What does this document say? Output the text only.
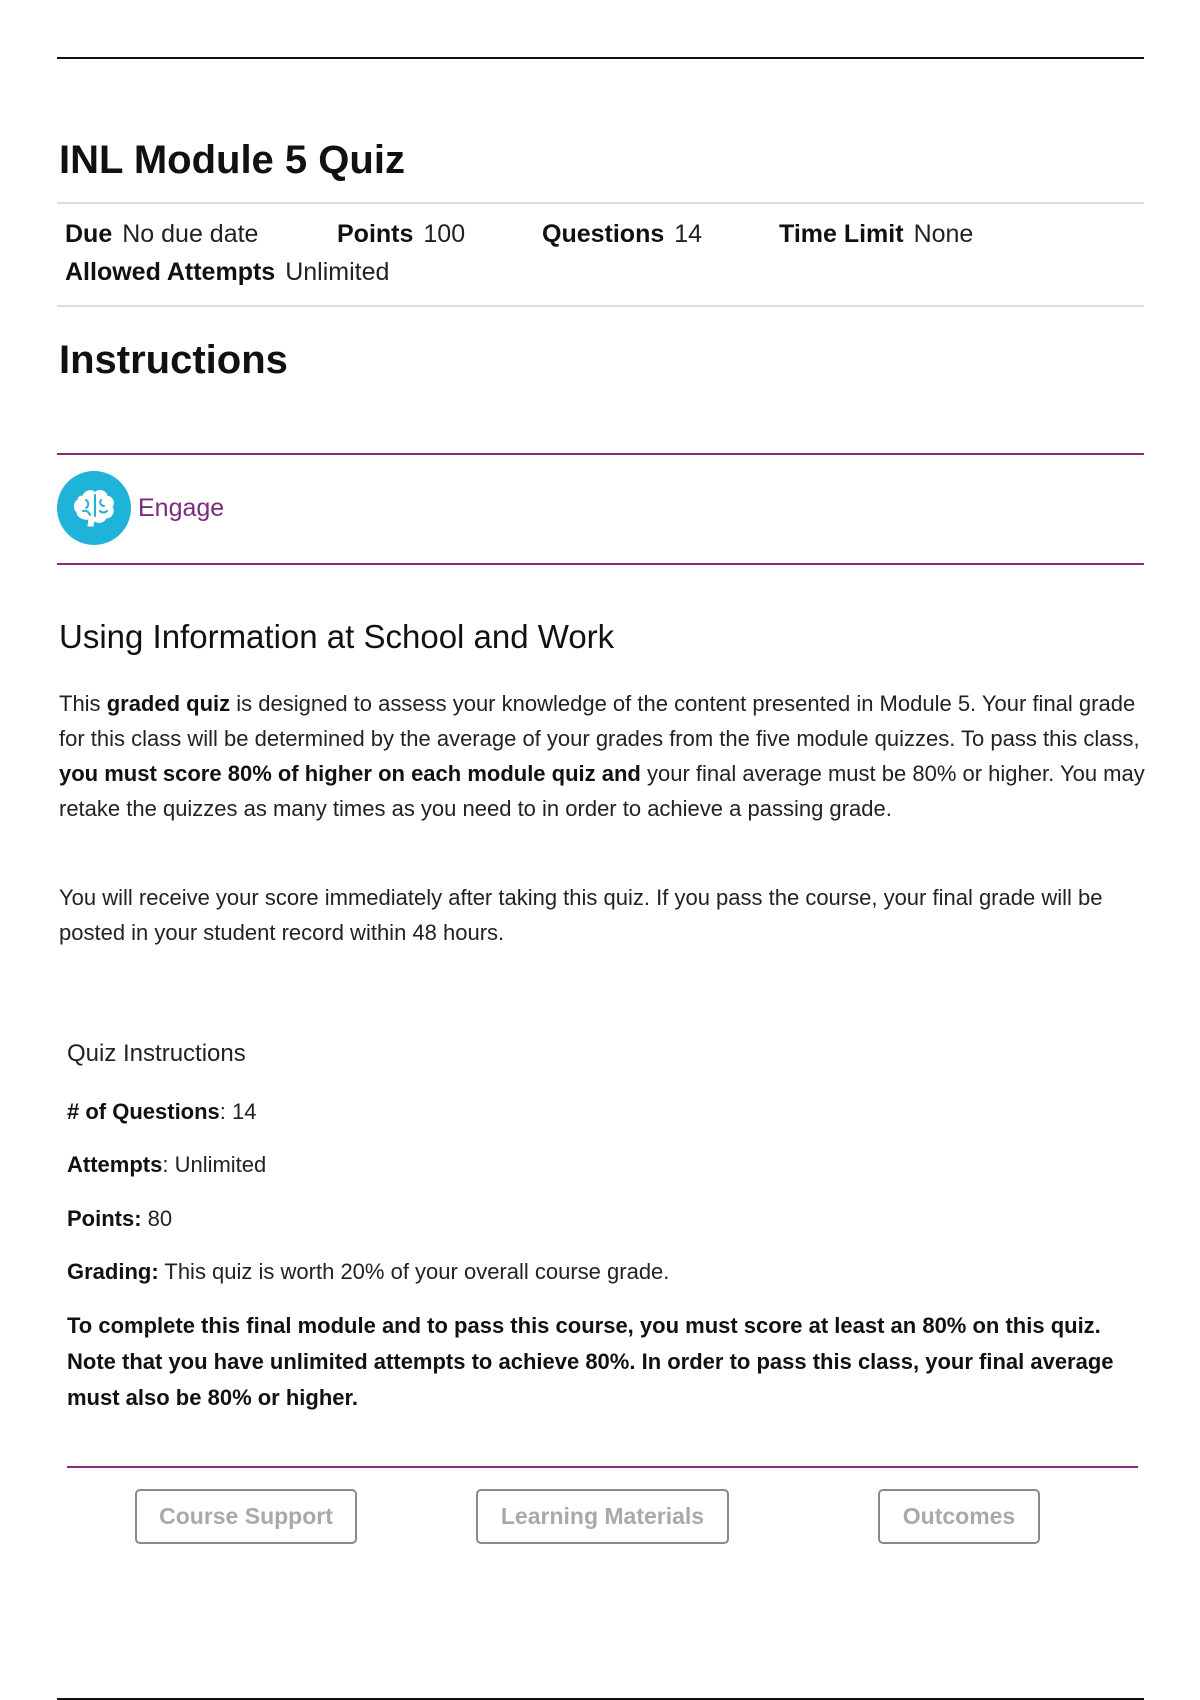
INL Module 5 Quiz
Due No due date	Points 100	Questions 14	Time Limit None
Allowed Attempts Unlimited
Instructions
Engage
Using Information at School and Work

This graded quiz is designed to assess your knowledge of the content presented in Module 5. Your final grade for this class will be determined by the average of your grades from the five module quizzes. To pass this class, you must score 80% of higher on each module quiz and your final average must be 80% or higher. You may retake the quizzes as many times as you need to in order to achieve a passing grade.

You will receive your score immediately after taking this quiz. If you pass the course, your final grade will be posted in your student record within 48 hours.

Quiz Instructions
# of Questions: 14
Attempts: Unlimited
Points: 80
Grading: This quiz is worth 20% of your overall course grade.

To complete this final module and to pass this course, you must score at least an 80% on this quiz. Note that you have unlimited attempts to achieve 80%. In order to pass this class, your final average must also be 80% or higher.

Course Support	Learning Materials	Outcomes
